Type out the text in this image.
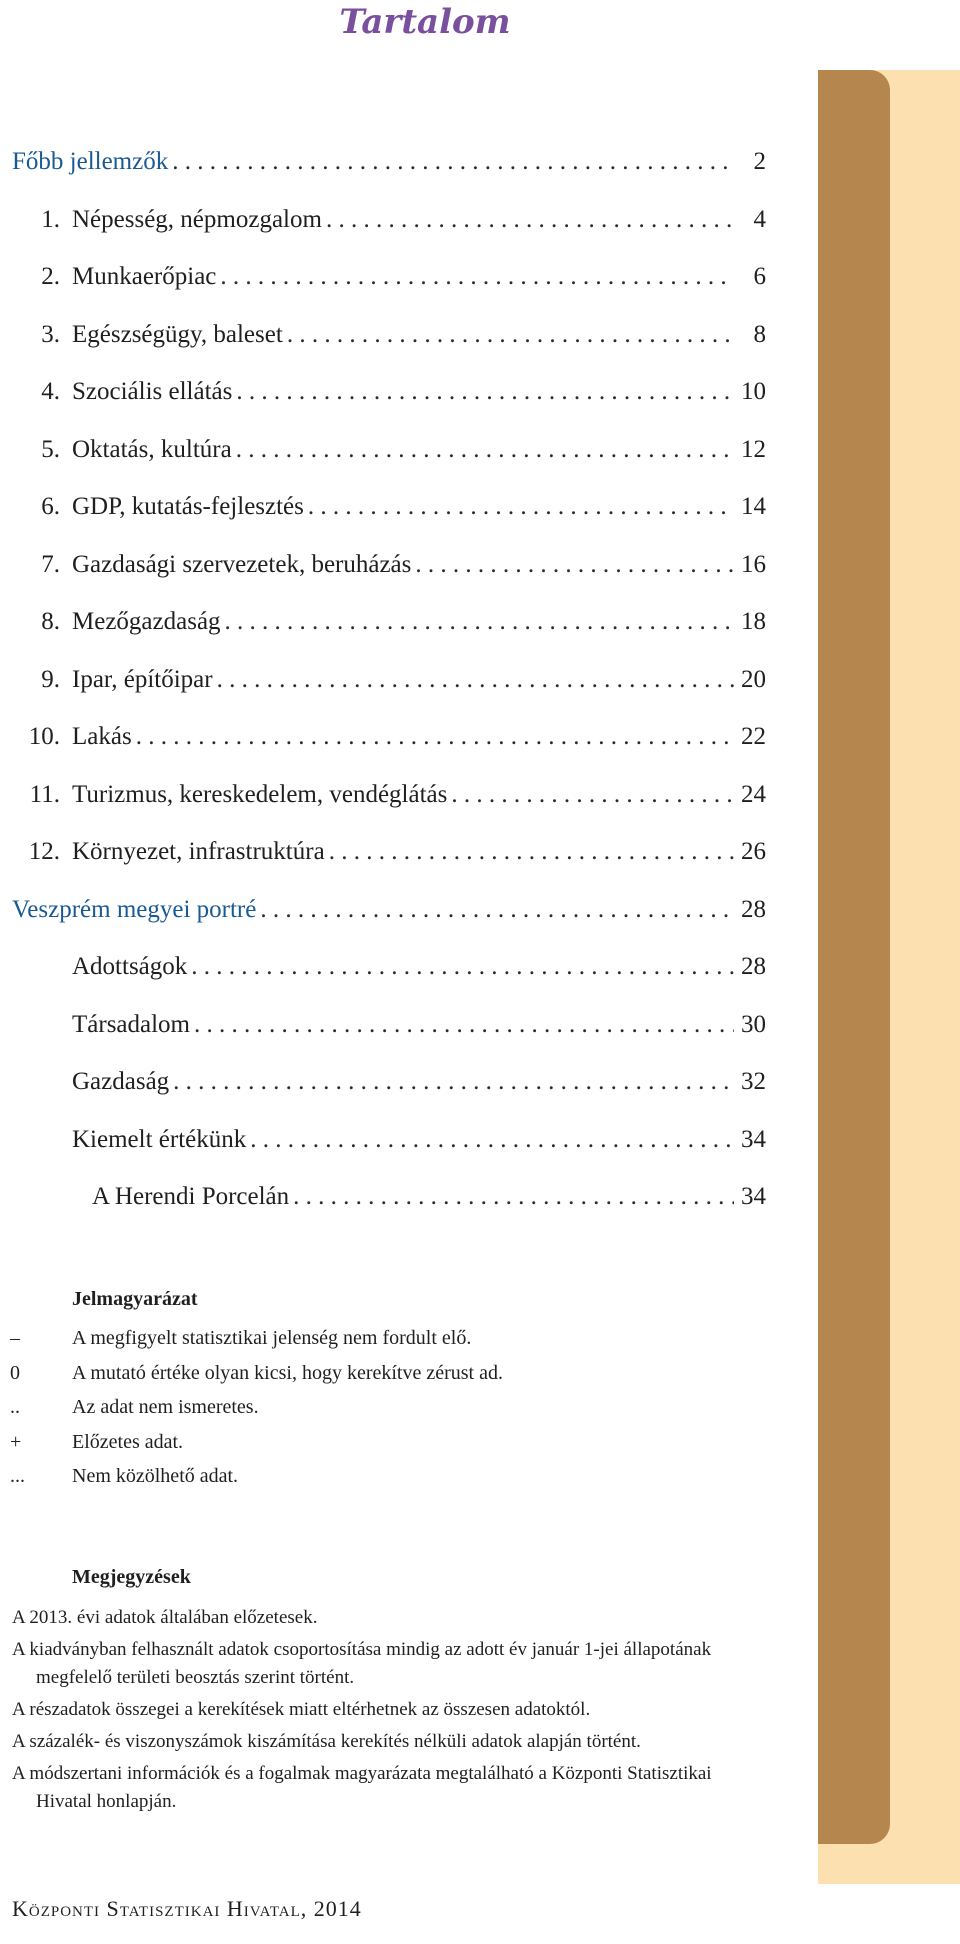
Tartalom
Főbb jellemzők . . .	2
1. Népesség, népmozgalom . . .	4
2. Munkaerőpiac . . .	6
3. Egészségügy, baleset . . .	8
4. Szociális ellátás . . .	10
5. Oktatás, kultúra . . .	12
6. GDP, kutatás-fejlesztés . . .	14
7. Gazdasági szervezetek, beruházás . . .	16
8. Mezőgazdaság . . .	18
9. Ipar, építőipar . . .	20
10. Lakás . . .	22
11. Turizmus, kereskedelem, vendéglátás . . .	24
12. Környezet, infrastruktúra . . .	26
Veszprém megyei portré . . .	28
Adottságok . . .	28
Társadalom . . .	30
Gazdaság . . .	32
Kiemelt értékünk . . .	34
A Herendi Porcelán . . .	34
Jelmagyarázat
–	A megfigyelt statisztikai jelenség nem fordult elő.
0	A mutató értéke olyan kicsi, hogy kerekítve zérust ad.
..	Az adat nem ismeretes.
+	Előzetes adat.
...	Nem közölhető adat.
Megjegyzések

A 2013. évi adatok általában előzetesek.

A kiadványban felhasznált adatok csoportosítása mindig az adott év január 1-jei állapotának megfelelő területi beosztás szerint történt.

A részadatok összegei a kerekítések miatt eltérhetnek az összesen adatoktól.

A százalék- és viszonyszámok kiszámítása kerekítés nélküli adatok alapján történt.

A módszertani információk és a fogalmak magyarázata megtalálható a Központi Statisztikai Hivatal honlapján.

Központi Statisztikai Hivatal, 2014
